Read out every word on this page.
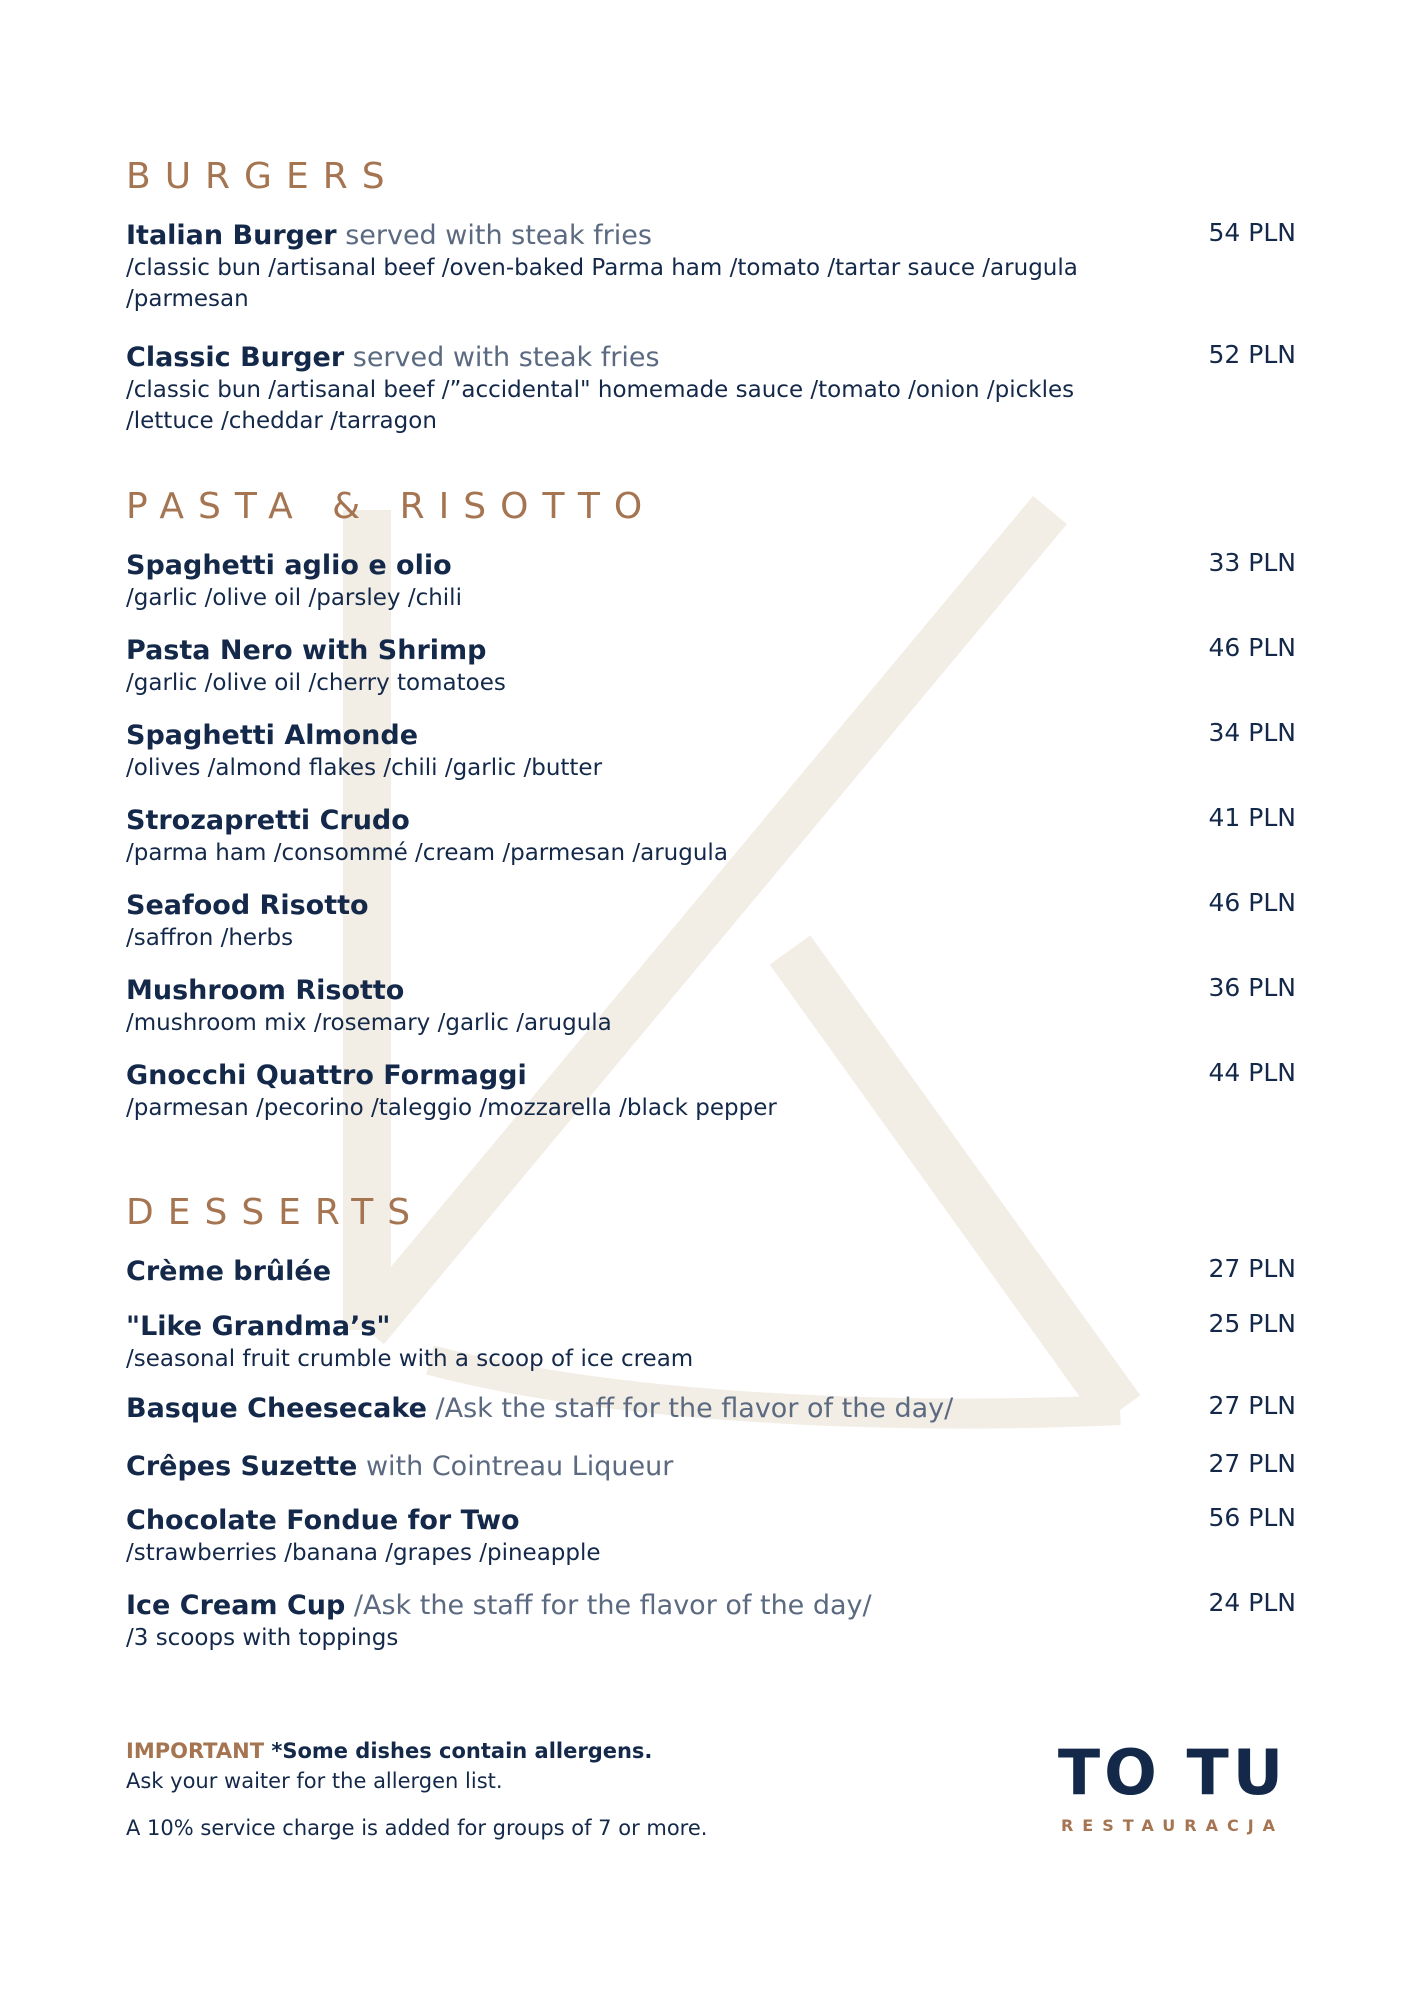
BURGERS
Italian Burger served with steak fries
/classic bun /artisanal beef /oven-baked Parma ham /tomato /tartar sauce /arugula /parmesan
54 PLN
Classic Burger served with steak fries
/classic bun /artisanal beef /”accidental" homemade sauce /tomato /onion /pickles /lettuce /cheddar /tarragon
52 PLN
PASTA & RISOTTO
Spaghetti aglio e olio
/garlic /olive oil /parsley /chili
33 PLN
Pasta Nero with Shrimp
/garlic /olive oil /cherry tomatoes
46 PLN
Spaghetti Almonde
/olives /almond flakes /chili /garlic /butter
34 PLN
Strozapretti Crudo
/parma ham /consommé /cream /parmesan /arugula
41 PLN
Seafood Risotto
/saffron /herbs
46 PLN
Mushroom Risotto
/mushroom mix /rosemary /garlic /arugula
36 PLN
Gnocchi Quattro Formaggi
/parmesan /pecorino /taleggio /mozzarella /black pepper
44 PLN
DESSERTS
Crème brûlée	27 PLN
"Like Grandma’s"
/seasonal fruit crumble with a scoop of ice cream
25 PLN
Basque Cheesecake /Ask the staff for the flavor of the day/	27 PLN
Crêpes Suzette with Cointreau Liqueur	27 PLN
Chocolate Fondue for Two
/strawberries /banana /grapes /pineapple
56 PLN
Ice Cream Cup /Ask the staff for the flavor of the day/
/3 scoops with toppings
24 PLN

IMPORTANT *Some dishes contain allergens.

Ask your waiter for the allergen list.

A 10% service charge is added for groups of 7 or more.

TO TU
RESTAURACJA
